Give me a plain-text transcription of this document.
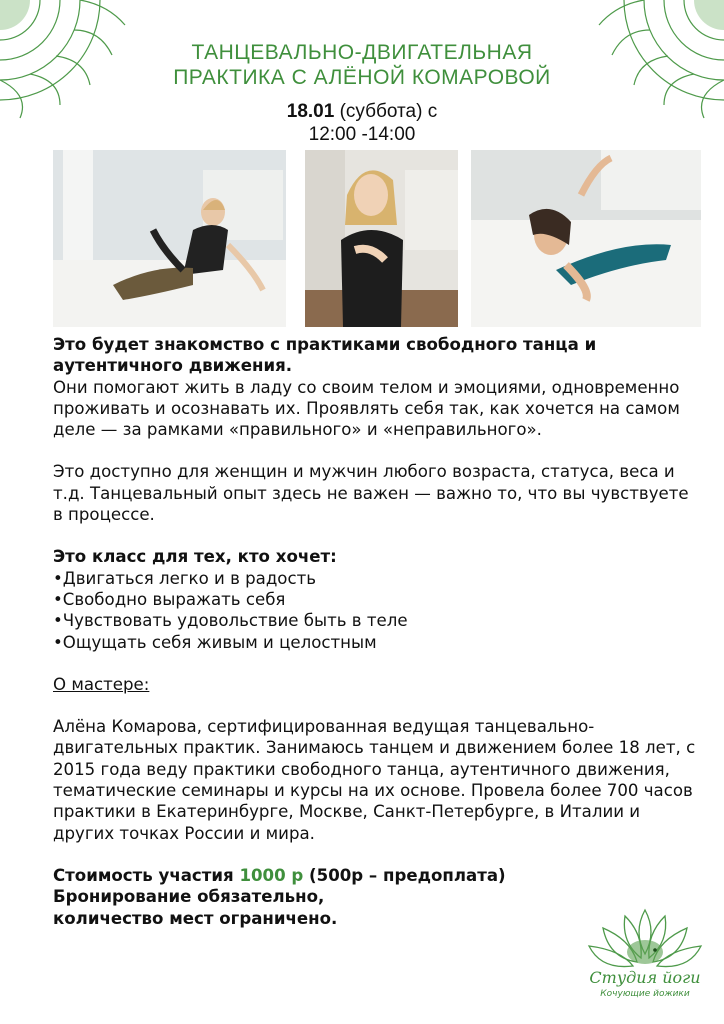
ТАНЦЕВАЛЬНО-ДВИГАТЕЛЬНАЯ
ПРАКТИКА С АЛЁНОЙ КОМАРОВОЙ
18.01 (суббота) с
12:00 -14:00

Это будет знакомство с практиками свободного танца и аутентичного движения.

Они помогают жить в ладу со своим телом и эмоциями, одновременно проживать и осознавать их. Проявлять себя так, как хочется на самом деле — за рамками «правильного» и «неправильного».

Это доступно для женщин и мужчин любого возраста, статуса, веса и т.д. Танцевальный опыт здесь не важен — важно то, что вы чувствуете в процессе.

Это класс для тех, кто хочет:

•Двигаться легко и в радость

•Свободно выражать себя

•Чувствовать удовольствие быть в теле

•Ощущать себя живым и целостным

О мастере:

Алёна Комарова, сертифицированная ведущая танцевально-двигательных практик. Занимаюсь танцем и движением более 18 лет, с 2015 года веду практики свободного танца, аутентичного движения, тематические семинары и курсы на их основе. Провела более 700 часов практики в Екатеринбурге, Москве, Санкт-Петербурге, в Италии и других точках России и мира.

Стоимость участия 1000 р (500р – предоплата)

Бронирование обязательно,

количество мест ограничено.

Студия йоги
Кочующие йожики
